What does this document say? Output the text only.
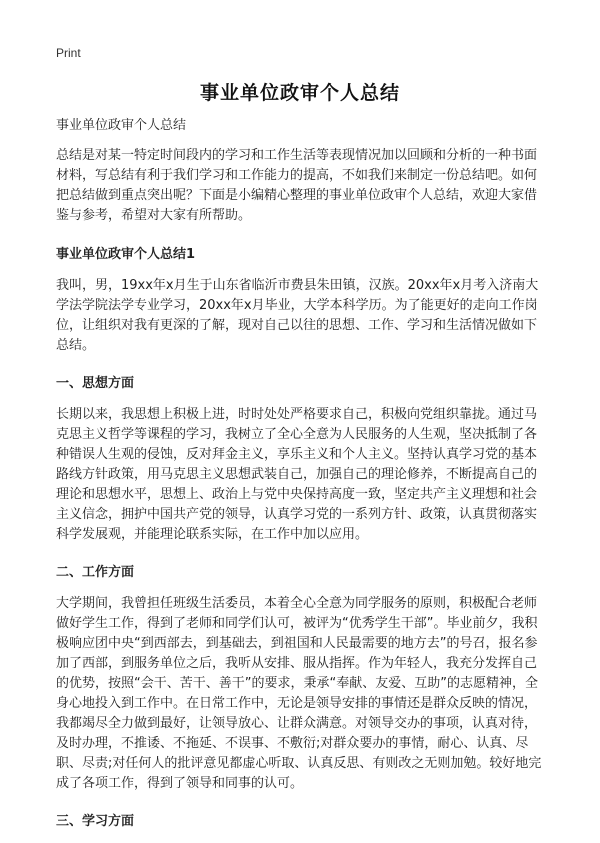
Print
事业单位政审个人总结

事业单位政审个人总结

总结是对某一特定时间段内的学习和工作生活等表现情况加以回顾和分析的一种书面材料，写总结有利于我们学习和工作能力的提高，不如我们来制定一份总结吧。如何把总结做到重点突出呢？下面是小编精心整理的事业单位政审个人总结，欢迎大家借鉴与参考，希望对大家有所帮助。

事业单位政审个人总结1

我叫，男，19xx年x月生于山东省临沂市费县朱田镇，汉族。20xx年x月考入济南大学法学院法学专业学习，20xx年x月毕业，大学本科学历。为了能更好的走向工作岗位，让组织对我有更深的了解，现对自己以往的思想、工作、学习和生活情况做如下总结。

一、思想方面

长期以来，我思想上积极上进，时时处处严格要求自己，积极向党组织靠拢。通过马克思主义哲学等课程的学习，我树立了全心全意为人民服务的人生观，坚决抵制了各种错误人生观的侵蚀，反对拜金主义，享乐主义和个人主义。坚持认真学习党的基本路线方针政策，用马克思主义思想武装自己，加强自己的理论修养，不断提高自己的理论和思想水平，思想上、政治上与党中央保持高度一致，坚定共产主义理想和社会主义信念，拥护中国共产党的领导，认真学习党的一系列方针、政策，认真贯彻落实科学发展观，并能理论联系实际，在工作中加以应用。

二、工作方面

大学期间，我曾担任班级生活委员，本着全心全意为同学服务的原则，积极配合老师做好学生工作，得到了老师和同学们认可，被评为“优秀学生干部”。毕业前夕，我积极响应团中央“到西部去，到基础去，到祖国和人民最需要的地方去”的号召，报名参加了西部，到服务单位之后，我听从安排、服从指挥。作为年轻人，我充分发挥自己的优势，按照“会干、苦干、善干”的要求，秉承“奉献、友爱、互助”的志愿精神，全身心地投入到工作中。在日常工作中，无论是领导安排的事情还是群众反映的情况，我都竭尽全力做到最好，让领导放心、让群众满意。对领导交办的事项，认真对待，及时办理，不推诿、不拖延、不误事、不敷衍;对群众要办的事情，耐心、认真、尽职、尽责;对任何人的批评意见都虚心听取、认真反思、有则改之无则加勉。较好地完成了各项工作，得到了领导和同事的认可。

三、学习方面
